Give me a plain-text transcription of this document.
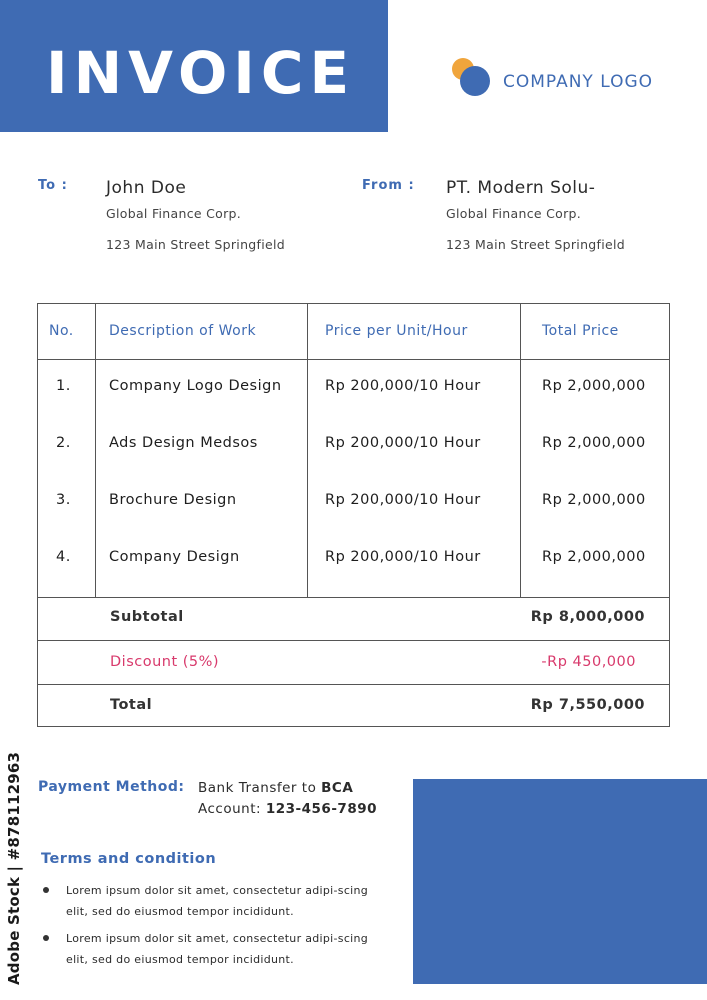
INVOICE	COMPANY LOGO
To : John Doe
Global Finance Corp.
123 Main Street Springfield
From : PT. Modern Solu-
Global Finance Corp.
123 Main Street Springfield
No.	Description of Work	Price per Unit/Hour	Total Price
1.	Company Logo Design	Rp 200,000/10 Hour	Rp 2,000,000
2.	Ads Design Medsos	Rp 200,000/10 Hour	Rp 2,000,000
3.	Brochure Design	Rp 200,000/10 Hour	Rp 2,000,000
4.	Company Design	Rp 200,000/10 Hour	Rp 2,000,000
Subtotal	Rp 8,000,000
Discount (5%)	-Rp 450,000
Total	Rp 7,550,000
Payment Method: Bank Transfer to BCA
Account: 123-456-7890
Terms and condition
Lorem ipsum dolor sit amet, consectetur adipi-scing elit, sed do eiusmod tempor incididunt.
Lorem ipsum dolor sit amet, consectetur adipi-scing elit, sed do eiusmod tempor incididunt.
Adobe Stock | #878112963
